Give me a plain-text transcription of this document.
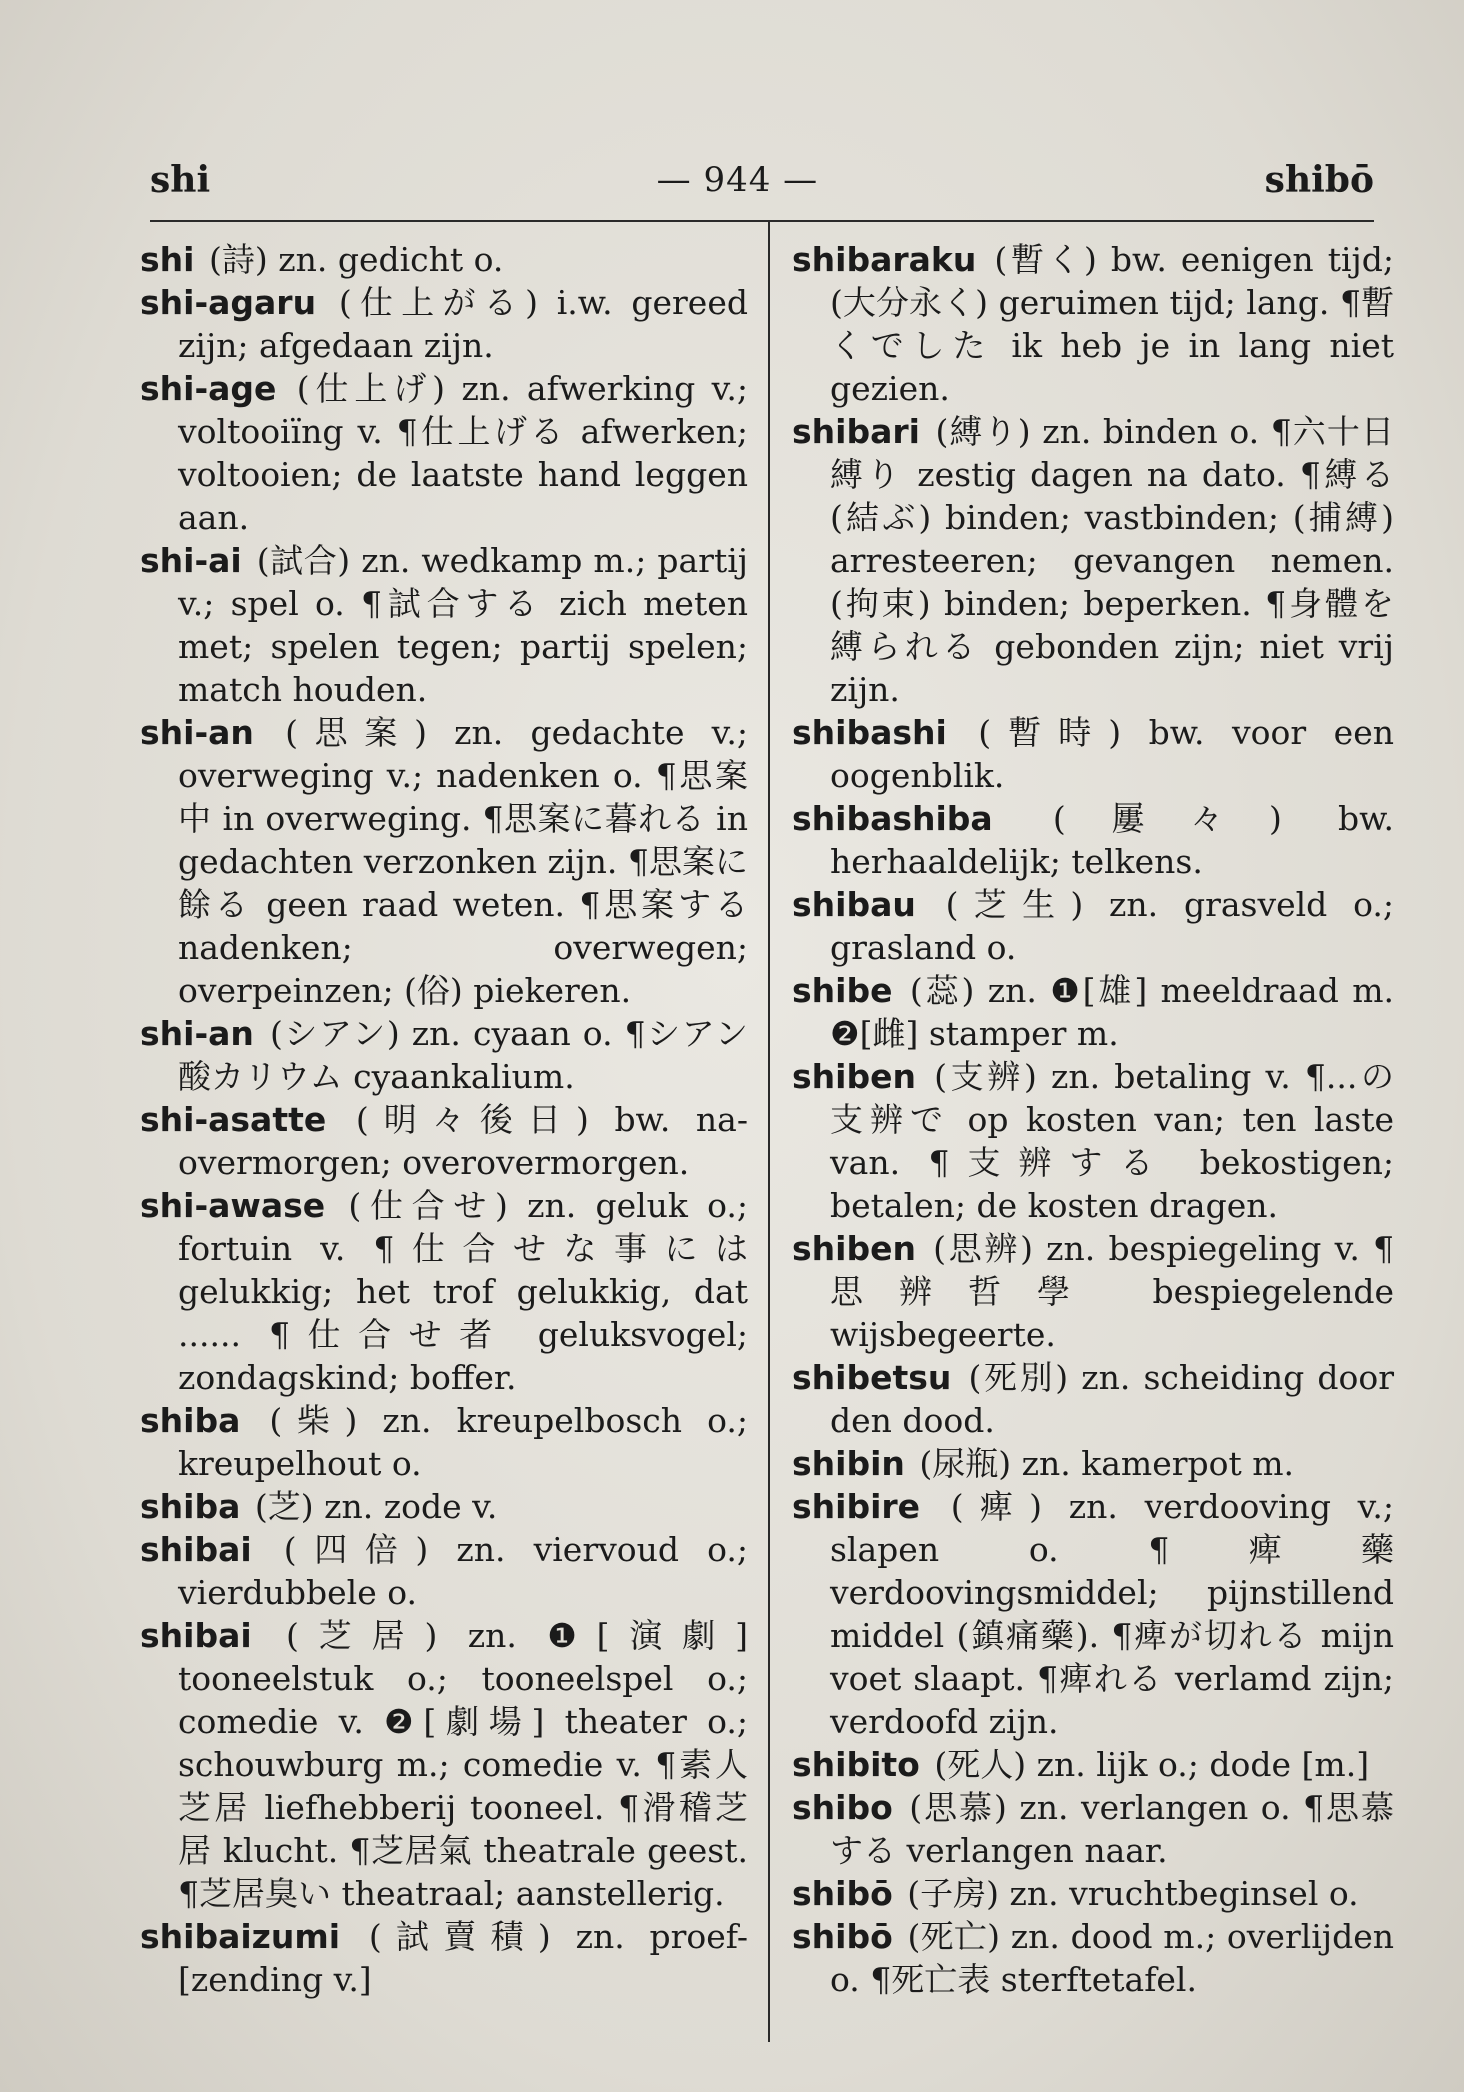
shi	— 944 —	shibō

shi (詩) zn. gedicht o.

shi-agaru (仕上がる) i.w. gereed zijn; afgedaan zijn.

shi-age (仕上げ) zn. afwerking v.; voltooiïng v. ¶仕上げる afwerken; voltooien; de laatste hand leggen aan.

shi-ai (試合) zn. wedkamp m.; partij v.; spel o. ¶試合する zich meten met; spelen tegen; partij spelen; match houden.

shi-an (思案) zn. gedachte v.; overweging v.; nadenken o. ¶思案中 in overweging. ¶思案に暮れる in gedachten verzonken zijn. ¶思案に餘る geen raad weten. ¶思案する nadenken; overwegen; overpeinzen; (俗) piekeren.

shi-an (シアン) zn. cyaan o. ¶シアン酸カリウム cyaankalium.

shi-asatte (明々後日) bw. na-overmorgen; overovermorgen.

shi-awase (仕合せ) zn. geluk o.; fortuin v. ¶仕合せな事には gelukkig; het trof gelukkig, dat ...... ¶仕合せ者 geluksvogel; zondagskind; boffer.

shiba (柴) zn. kreupelbosch o.; kreupelhout o.

shiba (芝) zn. zode v.

shibai (四倍) zn. viervoud o.; vierdubbele o.

shibai (芝居) zn. ❶[演劇] tooneelstuk o.; tooneelspel o.; comedie v. ❷[劇場] theater o.; schouwburg m.; comedie v. ¶素人芝居 liefhebberij tooneel. ¶滑稽芝居 klucht. ¶芝居氣 theatrale geest. ¶芝居臭い theatraal; aanstellerig.

shibaizumi (試賣積) zn. proef- [zending v.]

shibaraku (暫く) bw. eenigen tijd; (大分永く) geruimen tijd; lang. ¶暫くでした ik heb je in lang niet gezien.

shibari (縛り) zn. binden o. ¶六十日縛り zestig dagen na dato. ¶縛る (結ぶ) binden; vastbinden; (捕縛) arresteeren; gevangen nemen. (拘束) binden; beperken. ¶身體を縛られる gebonden zijn; niet vrij zijn.

shibashi (暫時) bw. voor een oogenblik.

shibashiba (屢々) bw. herhaaldelijk; telkens.

shibau (芝生) zn. grasveld o.; grasland o.

shibe (蕊) zn. ❶[雄] meeldraad m. ❷[雌] stamper m.

shiben (支辨) zn. betaling v. ¶...の支辨で op kosten van; ten laste van. ¶支辨する bekostigen; betalen; de kosten dragen.

shiben (思辨) zn. bespiegeling v. ¶思辨哲學 bespiegelende wijsbegeerte.

shibetsu (死別) zn. scheiding door den dood.

shibin (尿瓶) zn. kamerpot m.

shibire (痺) zn. verdooving v.; slapen o. ¶痺藥 verdoovingsmiddel; pijnstillend middel (鎮痛藥). ¶痺が切れる mijn voet slaapt. ¶痺れる verlamd zijn; verdoofd zijn.

shibito (死人) zn. lijk o.; dode [m.]

shibo (思慕) zn. verlangen o. ¶思慕する verlangen naar.

shibō (子房) zn. vruchtbeginsel o.

shibō (死亡) zn. dood m.; overlijden o. ¶死亡表 sterftetafel.
